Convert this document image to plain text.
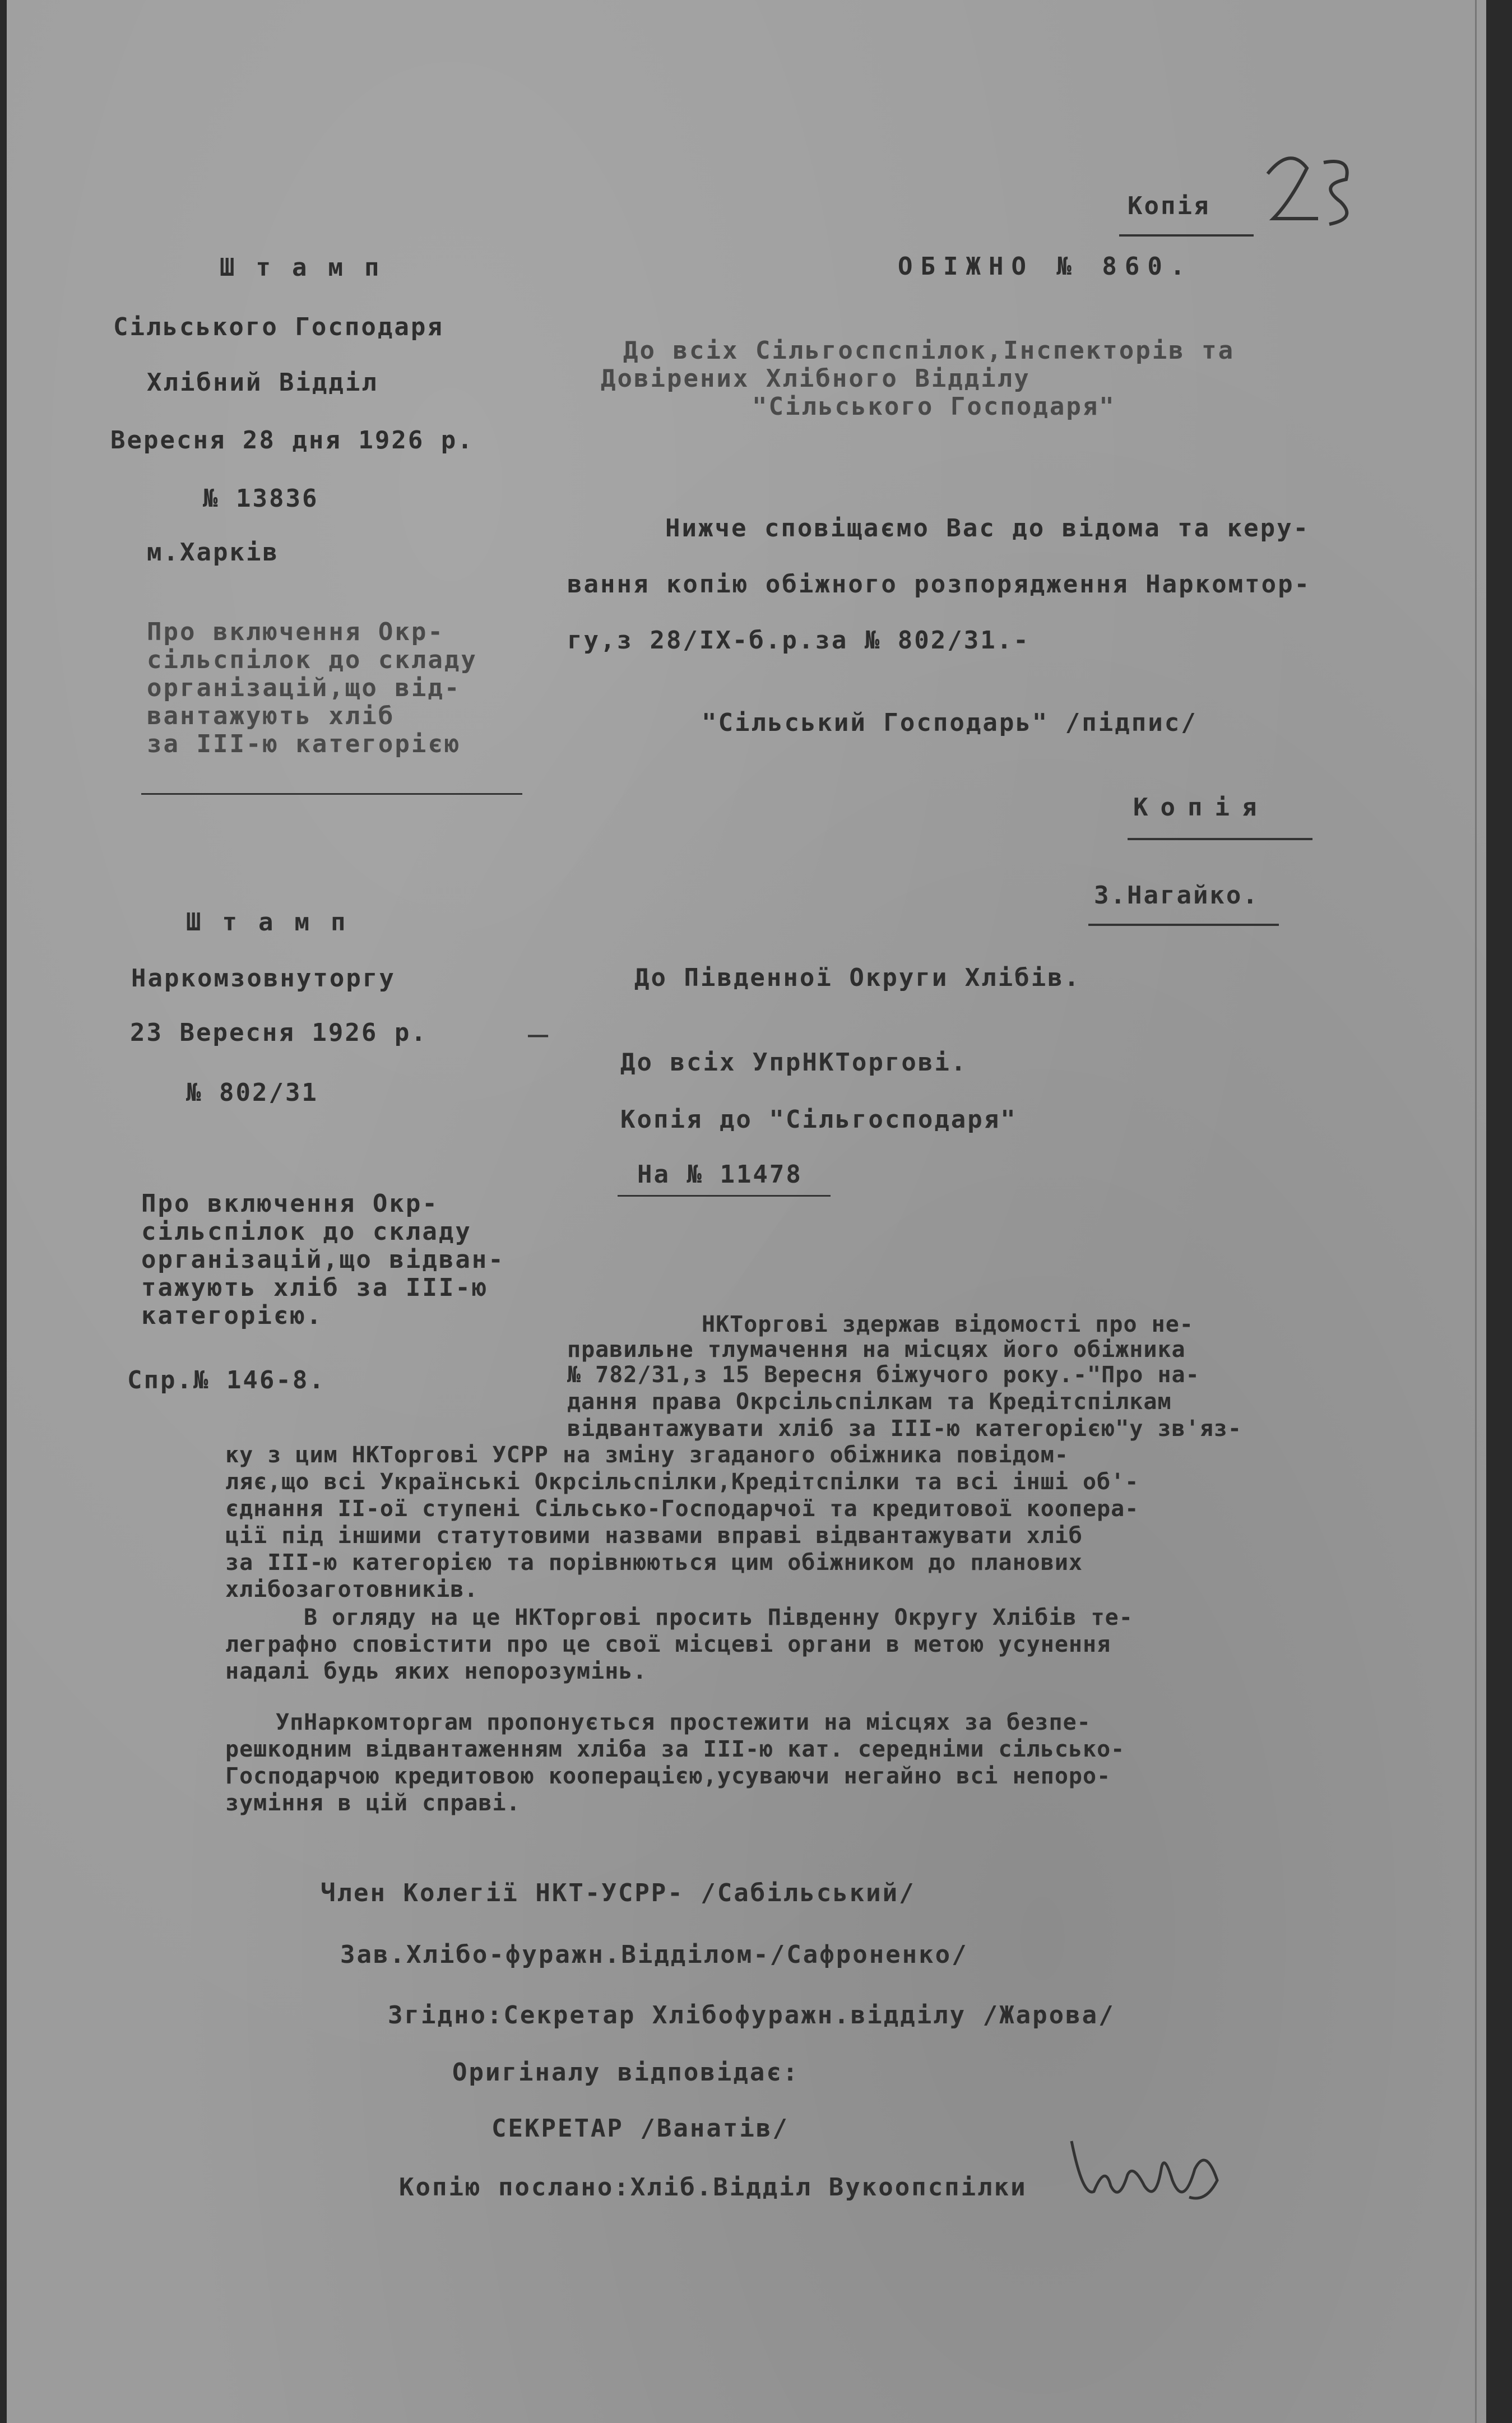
Копія
ОБІЖНО № 860.
Штамп
Сільського Господаря
Хлібний Відділ
Вересня 28 дня 1926 р.
№ 13836
м.Харків
До всіх Сільгоспспілок,Інспекторів та
Довірених Хлібного Відділу
"Сільського Господаря"
Нижче сповіщаємо Вас до відома та керу-
вання копію обіжного розпорядження Наркомтор-
гу,з 28/IX-б.р.за № 802/31.-
Про включення Окр-
сільспілок до складу
організацій,що від-
вантажують хліб
за III-ю категорією
"Сільський Господарь" /підпис/
Копія
З.Нагайко.
Штамп
Наркомзовнуторгу
23 Вересня 1926 р.
№ 802/31
—
До Південної Округи Хлібів.
До всіх УпрНКТоргові.
Копія до "Сільгосподаря"
На № 11478
Про включення Окр-
сільспілок до складу
організацій,що відван-
тажують хліб за III-ю
категорією.
Спр.№ 146-8.
НКТоргові здержав відомості про не-
правильне тлумачення на місцях його обіжника
№ 782/31,з 15 Вересня біжучого року.-"Про на-
дання права Окрсільспілкам та Кредітспілкам
відвантажувати хліб за III-ю категорією"у зв'яз-
ку з цим НКТоргові УСРР на зміну згаданого обіжника повідом-
ляє,що всі Українські Окрсільспілки,Кредітспілки та всі інші об'-
єднання II-ої ступені Сільсько-Господарчої та кредитової коопера-
ції під іншими статутовими назвами вправі відвантажувати хліб
за III-ю категорією та порівнюються цим обіжником до планових
хлібозаготовників.
В огляду на це НКТоргові просить Південну Округу Хлібів те-
леграфно сповістити про це свої місцеві органи в метою усунення
надалі будь яких непорозумінь.
УпНаркомторгам пропонується простежити на місцях за безпе-
решкодним відвантаженням хліба за III-ю кат. середніми сільсько-
Господарчою кредитовою кооперацією,усуваючи негайно всі непоро-
зуміння в цій справі.
Член Колегії НКТ-УСРР- /Сабільський/
Зав.Хлібо-фуражн.Відділом-/Сафроненко/
Згідно:Секретар Хлібофуражн.відділу /Жарова/
Оригіналу відповідає:
СЕКРЕТАР /Ванатів/
Копію послано:Хліб.Відділ Вукоопспілки
